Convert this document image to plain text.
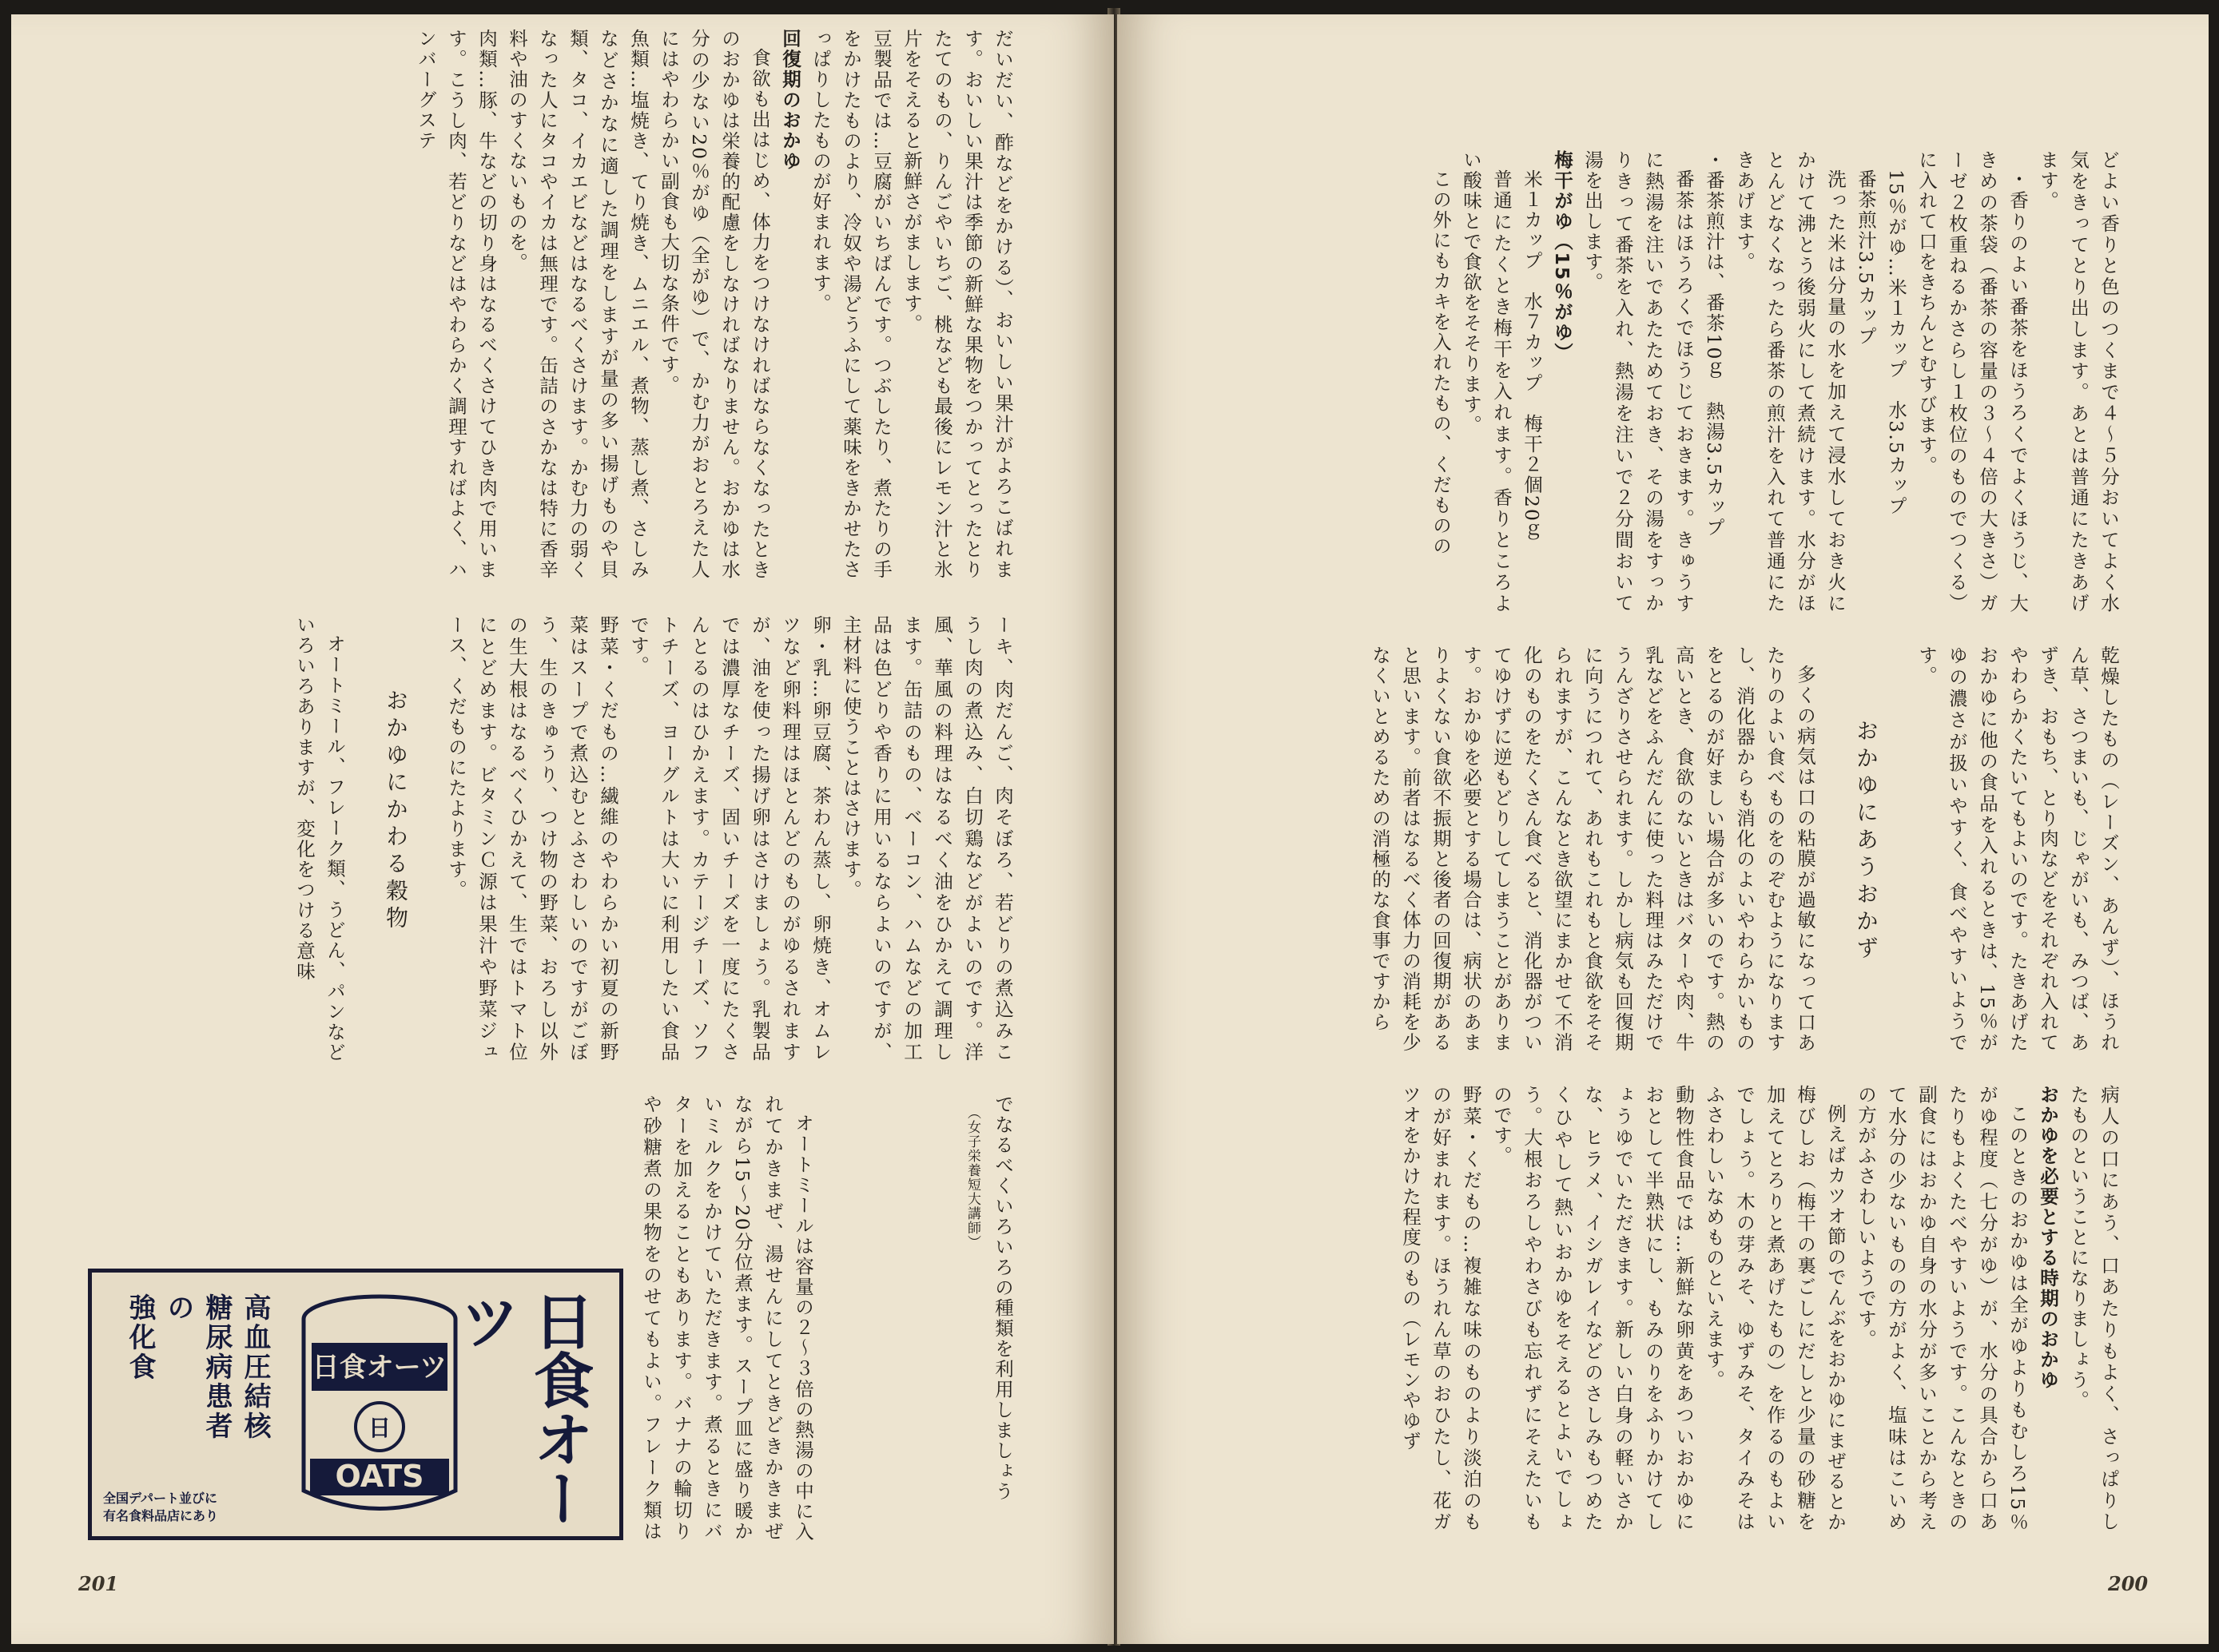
どよい香りと色のつくまで４〜５分おいてよく水気をきってとり出します。あとは普通にたきあげます。

・香りのよい番茶をほうろくでよくほうじ、大きめの茶袋（番茶の容量の３〜４倍の大きさ）ガーゼ２枚重ねるかさらし１枚位のものでつくる）に入れて口をきちんとむすびます。

15％がゆ…米１カップ　水3.5カップ

番茶煎汁3.5カップ

洗った米は分量の水を加えて浸水しておき火にかけて沸とう後弱火にして煮続けます。水分がほとんどなくなったら番茶の煎汁を入れて普通にたきあげます。

・番茶煎汁は、番茶10ｇ　熱湯3.5カップ

番茶はほうろくでほうじておきます。きゅうすに熱湯を注いであたためておき、その湯をすっかりきって番茶を入れ、熱湯を注いで２分間おいて湯を出します。

梅干がゆ（15％がゆ）

米１カップ　水７カップ　梅干２個20ｇ

普通にたくとき梅干を入れます。香りところよい酸味とで食欲をそそります。

この外にもカキを入れたもの、くだものの

乾燥したもの（レーズン、あんず）、ほうれん草、さつまいも、じゃがいも、みつば、あずき、おもち、とり肉などをそれぞれ入れてやわらかくたいてもよいのです。たきあげたおかゆに他の食品を入れるときは、15％がゆの濃さが扱いやすく、食べやすいようです。

おかゆにあうおかず

多くの病気は口の粘膜が過敏になって口あたりのよい食べものをのぞむようになりますし、消化器からも消化のよいやわらかいものをとるのが好ましい場合が多いのです。熱の高いとき、食欲のないときはバターや肉、牛乳などをふんだんに使った料理はみただけでうんざりさせられます。しかし病気も回復期に向うにつれて、あれもこれもと食欲をそそられますが、こんなとき欲望にまかせて不消化のものをたくさん食べると、消化器がついてゆけずに逆もどりしてしまうことがあります。おかゆを必要とする場合は、病状のあまりよくない食欲不振期と後者の回復期があると思います。前者はなるべく体力の消耗を少なくいとめるための消極的な食事ですから

病人の口にあう、口あたりもよく、さっぱりしたものということになりましょう。

おかゆを必要とする時期のおかゆ

このときのおかゆは全がゆよりもむしろ15％がゆ程度（七分がゆ）が、水分の具合から口あたりもよくたべやすいようです。こんなときの副食にはおかゆ自身の水分が多いことから考えて水分の少ないものの方がよく、塩味はこいめの方がふさわしいようです。

例えばカツオ節のでんぶをおかゆにまぜるとか梅びしお（梅干の裏ごしにだしと少量の砂糖を加えてとろりと煮あげたもの）を作るのもよいでしょう。木の芽みそ、ゆずみそ、タイみそはふさわしいなめものといえます。

動物性食品では…新鮮な卵黄をあついおかゆにおとして半熟状にし、もみのりをふりかけてしょうゆでいただきます。新しい白身の軽いさかな、ヒラメ、イシガレイなどのさしみもつめたくひやして熱いおかゆをそえるとよいでしょう。大根おろしやわさびも忘れずにそえたいものです。

野菜・くだもの…複雑な味のものより淡泊のものが好まれます。ほうれん草のおひたし、花ガツオをかけた程度のもの（レモンやゆず

200

だいだい、酢などをかける）、おいしい果汁がよろこばれます。おいしい果汁は季節の新鮮な果物をつかってとったとりたてのもの、りんごやいちご、桃なども最後にレモン汁と氷片をそえると新鮮さがまします。

豆製品では…豆腐がいちばんです。つぶしたり、煮たりの手をかけたものより、冷奴や湯どうふにして薬味をきかせたさっぱりしたものが好まれます。

回復期のおかゆ

食欲も出はじめ、体力をつけなければならなくなったときのおかゆは栄養的配慮をしなければなりません。おかゆは水分の少ない20％がゆ（全がゆ）で、かむ力がおとろえた人にはやわらかい副食も大切な条件です。

魚類…塩焼き、てり焼き、ムニエル、煮物、蒸し煮、さしみなどさかなに適した調理をしますが量の多い揚げものや貝類、タコ、イカエビなどはなるべくさけます。かむ力の弱くなった人にタコやイカは無理です。缶詰のさかなは特に香辛料や油のすくないものを。

肉類…豚、牛などの切り身はなるべくさけてひき肉で用います。こうし肉、若どりなどはやわらかく調理すればよく、ハンバーグステ

ーキ、肉だんご、肉そぼろ、若どりの煮込みこうし肉の煮込み、白切鶏などがよいのです。洋風、華風の料理はなるべく油をひかえて調理します。缶詰のもの、ベーコン、ハムなどの加工品は色どりや香りに用いるならよいのですが、主材料に使うことはさけます。

卵・乳…卵豆腐、茶わん蒸し、卵焼き、オムレツなど卵料理はほとんどのものがゆるされますが、油を使った揚げ卵はさけましょう。乳製品では濃厚なチーズ、固いチーズを一度にたくさんとるのはひかえます。カテージチーズ、ソフトチーズ、ヨーグルトは大いに利用したい食品です。

野菜・くだもの…繊維のやわらかい初夏の新野菜はスープで煮込むとふさわしいのですがごぼう、生のきゅうり、つけ物の野菜、おろし以外の生大根はなるべくひかえて、生ではトマト位にとどめます。ビタミンＣ源は果汁や野菜ジュース、くだものにたよります。

おかゆにかわる穀物

オートミール、フレーク類、うどん、パンなどいろいろありますが、変化をつける意味

でなるべくいろいろの種類を利用しましょう

（女子栄養短大講師）

オートミールは容量の２〜３倍の熱湯の中に入れてかきまぜ、湯せんにしてときどきかきまぜながら15〜20分位煮ます。スープ皿に盛り暖かいミルクをかけていただきます。煮るときにバターを加えることもあります。バナナの輪切りや砂糖煮の果物をのせてもよい。フレーク類は

日食オーツ
日
OATS	日食オーツ
高血圧結核
糖尿病患者の
強化食
全国デパート並びに
有名食料品店にあり
201
